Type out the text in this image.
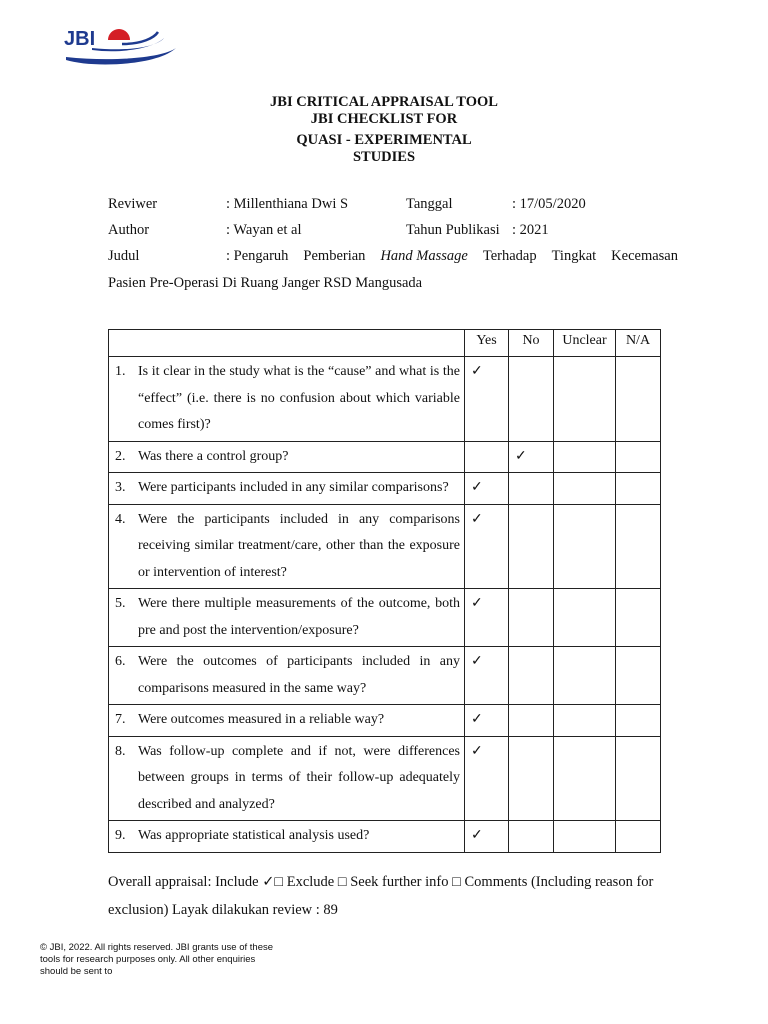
JBI
JBI CRITICAL APPRAISAL TOOL
JBI CHECKLIST FOR
QUASI - EXPERIMENTAL
STUDIES
Reviwer	: Millenthiana Dwi S	Tanggal	: 17/05/2020
Author	: Wayan et al	Tahun Publikasi : 2021
Judul	: Pengaruh Pemberian Hand Massage Terhadap Tingkat Kecemasan
Pasien Pre-Operasi Di Ruang Janger RSD Mangusada
	Yes	No	Unclear	N/A

1. Is it clear in the study what is the “cause” and what is the “effect” (i.e. there is no confusion about which variable comes first)?	✓			

2. Was there a control group?		✓		

3. Were participants included in any similar comparisons?	✓			

4. Were the participants included in any comparisons receiving similar treatment/care, other than the exposure or intervention of interest?	✓			

5. Were there multiple measurements of the outcome, both pre and post the intervention/exposure?	✓			

6. Were the outcomes of participants included in any comparisons measured in the same way?	✓			

7. Were outcomes measured in a reliable way?	✓			

8. Was follow-up complete and if not, were differences between groups in terms of their follow-up adequately described and analyzed?	✓			

9. Was appropriate statistical analysis used?	✓			
Overall appraisal: Include ✓□ Exclude □ Seek further info □ Comments (Including reason for exclusion) Layak dilakukan review : 89
© JBI, 2022. All rights reserved. JBI grants use of these
tools for research purposes only. All other enquiries
should be sent to
